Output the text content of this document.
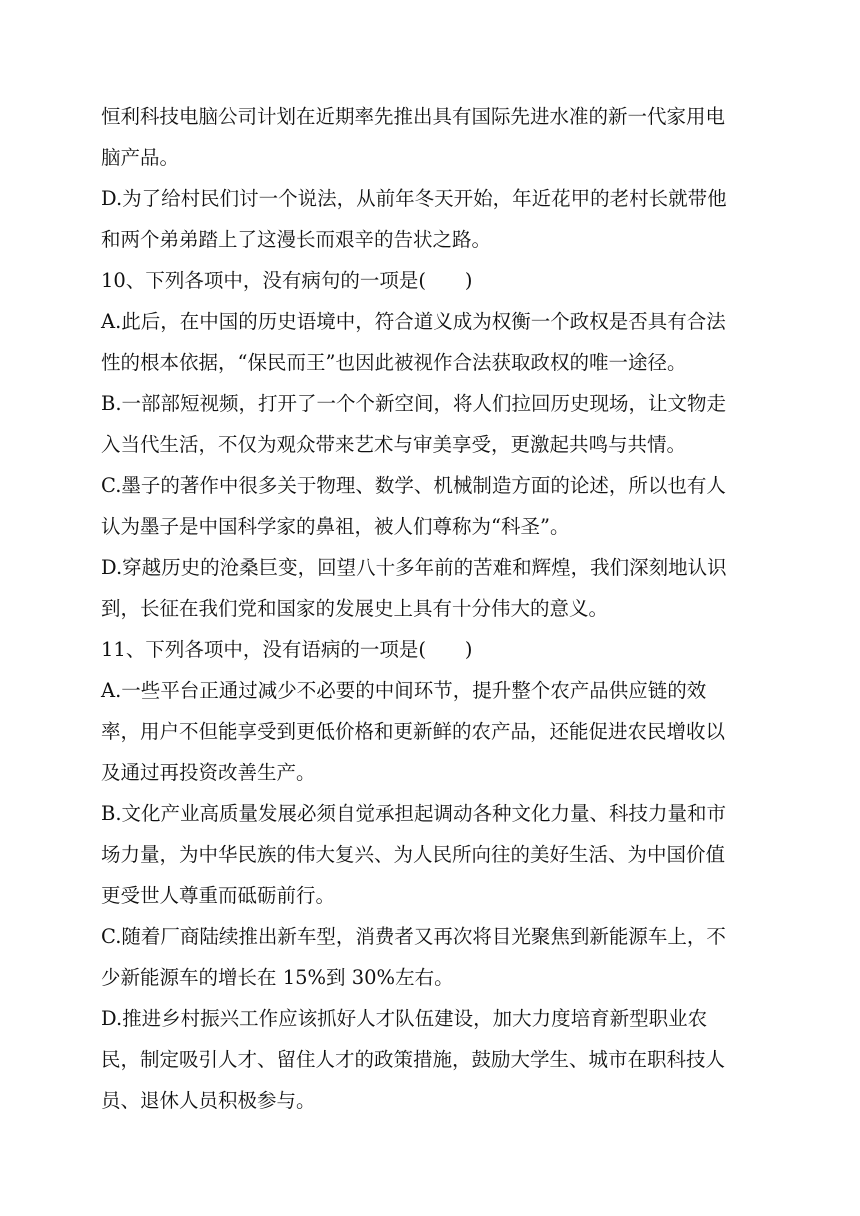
恒利科技电脑公司计划在近期率先推出具有国际先进水准的新一代家用电
脑产品。
D.为了给村民们讨一个说法，从前年冬天开始，年近花甲的老村长就带他
和两个弟弟踏上了这漫长而艰辛的告状之路。
10、下列各项中，没有病句的一项是(　　)
A.此后，在中国的历史语境中，符合道义成为权衡一个政权是否具有合法
性的根本依据，“保民而王”也因此被视作合法获取政权的唯一途径。
B.一部部短视频，打开了一个个新空间，将人们拉回历史现场，让文物走
入当代生活，不仅为观众带来艺术与审美享受，更激起共鸣与共情。
C.墨子的著作中很多关于物理、数学、机械制造方面的论述，所以也有人
认为墨子是中国科学家的鼻祖，被人们尊称为“科圣”。
D.穿越历史的沧桑巨变，回望八十多年前的苦难和辉煌，我们深刻地认识
到，长征在我们党和国家的发展史上具有十分伟大的意义。
11、下列各项中，没有语病的一项是(　　)
A.一些平台正通过减少不必要的中间环节，提升整个农产品供应链的效
率，用户不但能享受到更低价格和更新鲜的农产品，还能促进农民增收以
及通过再投资改善生产。
B.文化产业高质量发展必须自觉承担起调动各种文化力量、科技力量和市
场力量，为中华民族的伟大复兴、为人民所向往的美好生活、为中国价值
更受世人尊重而砥砺前行。
C.随着厂商陆续推出新车型，消费者又再次将目光聚焦到新能源车上，不
少新能源车的增长在 15%到 30%左右。
D.推进乡村振兴工作应该抓好人才队伍建设，加大力度培育新型职业农
民，制定吸引人才、留住人才的政策措施，鼓励大学生、城市在职科技人
员、退休人员积极参与。
